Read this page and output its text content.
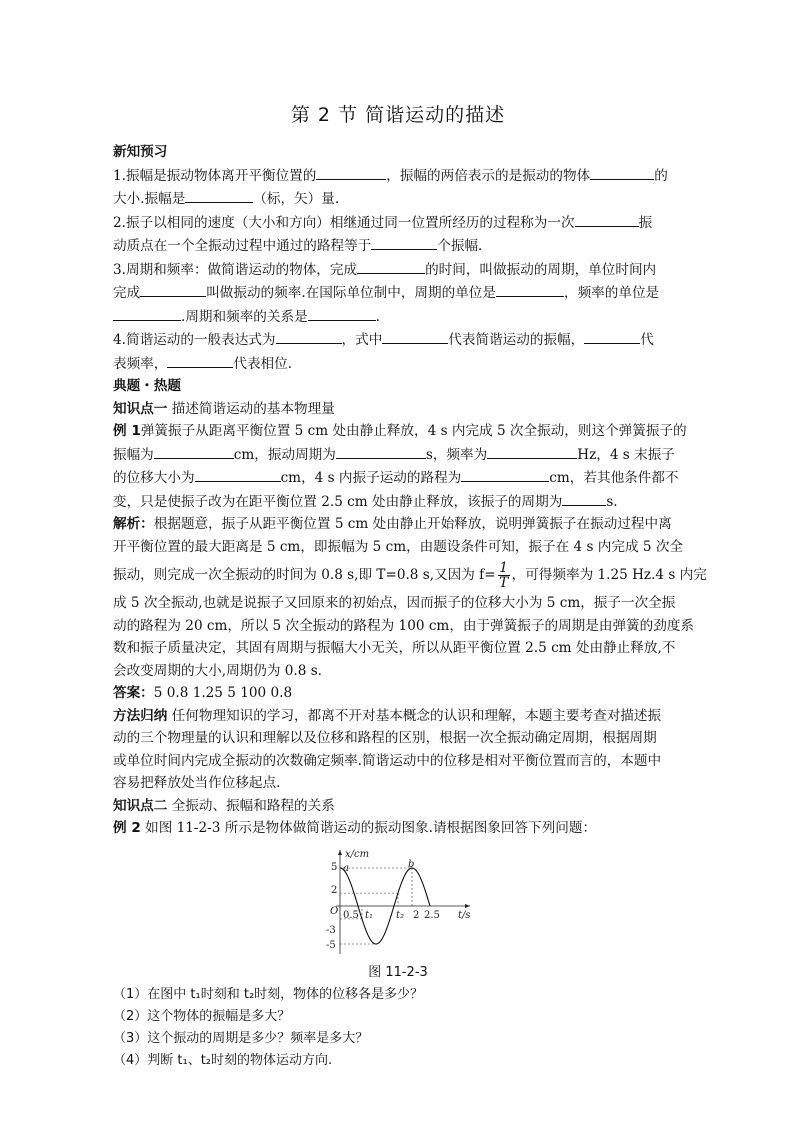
第 2 节 简谐运动的描述
新知预习
1.振幅是振动物体离开平衡位置的	，振幅的两倍表示的是振动的物体	的
大小.振幅是	（标，矢）量.
2.振子以相同的速度（大小和方向）相继通过同一位置所经历的过程称为一次	振
动质点在一个全振动过程中通过的路程等于	个振幅.
3.周期和频率：做简谐运动的物体，完成	的时间，叫做振动的周期，单位时间内
完成	叫做振动的频率.在国际单位制中，周期的单位是	，频率的单位是
.周期和频率的关系是	.
4.简谐运动的一般表达式为	，式中	代表简谐运动的振幅，	代
表频率，	代表相位.
典题・热题
知识点一 描述简谐运动的基本物理量
例 1弹簧振子从距离平衡位置 5 cm 处由静止释放，4 s 内完成 5 次全振动，则这个弹簧振子的
振幅为	cm，振动周期为	s，频率为	Hz，4 s 末振子
的位移大小为	cm，4 s 内振子运动的路程为	cm，若其他条件都不
变，只是使振子改为在距平衡位置 2.5 cm 处由静止释放，该振子的周期为	s.
解析：根据题意，振子从距平衡位置 5 cm 处由静止开始释放，说明弹簧振子在振动过程中离
开平衡位置的最大距离是 5 cm，即振幅为 5 cm，由题设条件可知，振子在 4 s 内完成 5 次全
振动，则完成一次全振动的时间为 0.8 s,即 T=0.8 s,又因为 $f= \frac{1}{T}$ ，可得频率为 1.25 Hz.4 s 内完
成 5 次全振动,也就是说振子又回原来的初始点，因而振子的位移大小为 5 cm，振子一次全振
动的路程为 20 cm，所以 5 次全振动的路程为 100 cm，由于弹簧振子的周期是由弹簧的劲度系
数和振子质量决定，其固有周期与振幅大小无关，所以从距平衡位置 2.5 cm 处由静止释放,不
会改变周期的大小,周期仍为 0.8 s.
答案：5 0.8 1.25 5 100 0.8
方法归纳 任何物理知识的学习，都离不开对基本概念的认识和理解，本题主要考查对描述振
动的三个物理量的认识和理解以及位移和路程的区别，根据一次全振动确定周期，根据周期
或单位时间内完成全振动的次数确定频率.简谐运动中的位移是相对平衡位置而言的，本题中
容易把释放处当作位移起点.
知识点二 全振动、振幅和路程的关系
例 2 如图 11-2-3 所示是物体做简谐运动的振动图象.请根据图象回答下列问题：
x/cm
t/s
O
5
2
-3
-5
0.5 t₁ t₂ 2 2.5
a	b
图 11-2-3
（1）在图中 t₁时刻和 t₂时刻，物体的位移各是多少？
（2）这个物体的振幅是多大？
（3）这个振动的周期是多少？频率是多大？
（4）判断 t₁、t₂时刻的物体运动方向.
